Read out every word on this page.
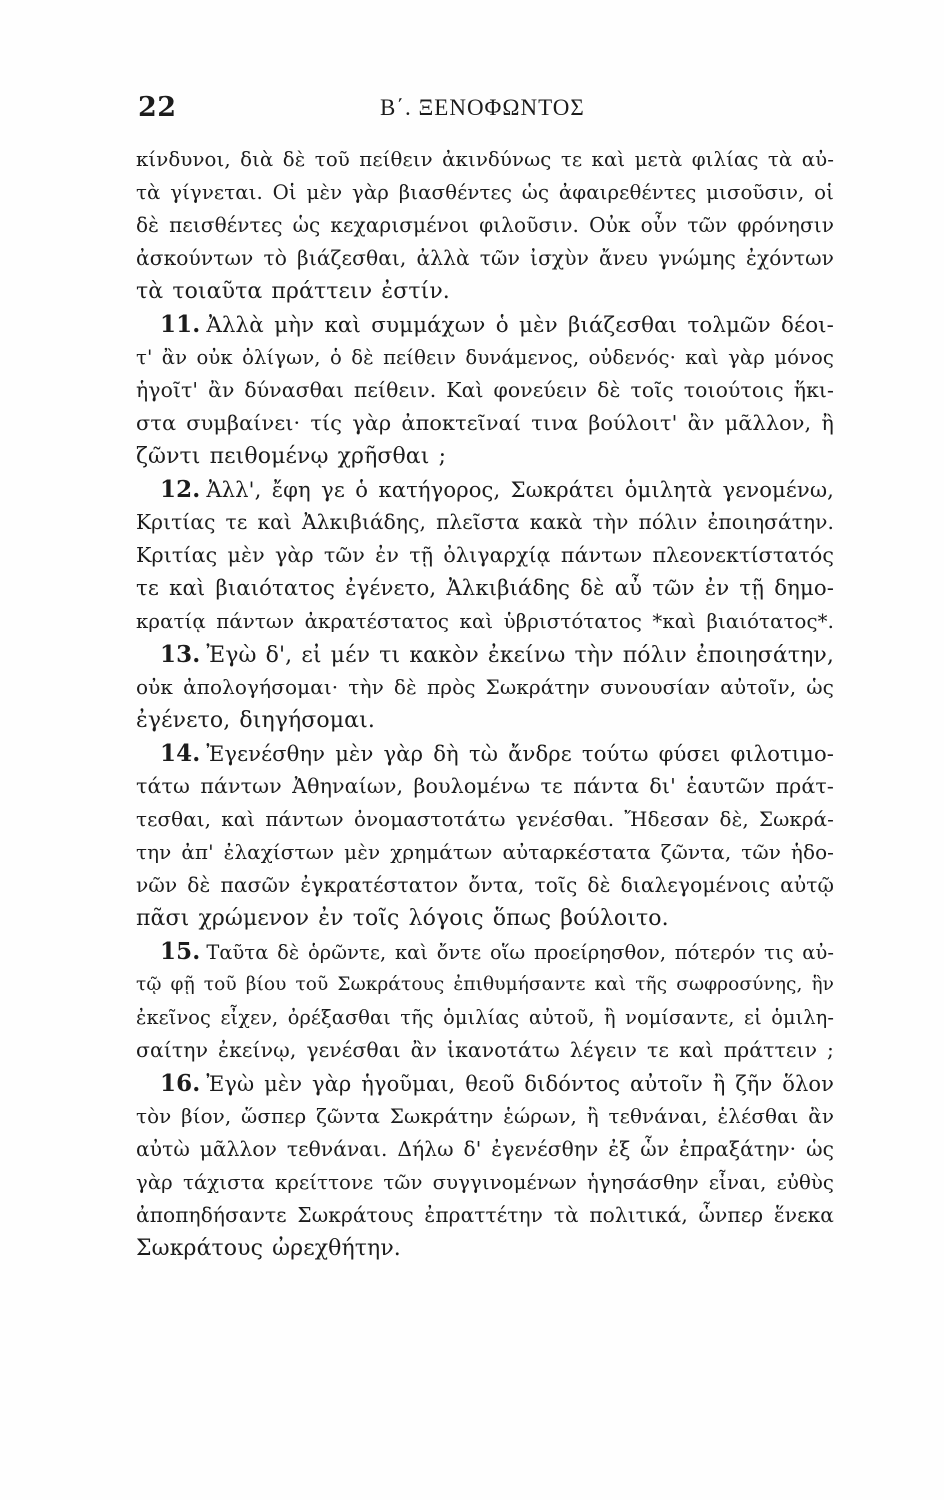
22	Β΄. ΞΕΝΟΦΩΝΤΟΣ
κίνδυνοι, διὰ δὲ τοῦ πείθειν ἀκινδύνως τε καὶ μετὰ φιλίας τὰ αὐ-
τὰ γίγνεται. Οἱ μὲν γὰρ βιασθέντες ὡς ἀφαιρεθέντες μισοῦσιν, οἱ
δὲ πεισθέντες ὡς κεχαρισμένοι φιλοῦσιν. Οὐκ οὖν τῶν φρόνησιν
ἀσκούντων τὸ βιάζεσθαι, ἀλλὰ τῶν ἰσχὺν ἄνευ γνώμης ἐχόντων
τὰ τοιαῦτα πράττειν ἐστίν.
11. Ἀλλὰ μὴν καὶ συμμάχων ὁ μὲν βιάζεσθαι τολμῶν δέοι-
τ' ἂν οὐκ ὀλίγων, ὁ δὲ πείθειν δυνάμενος, οὐδενός· καὶ γὰρ μόνος
ἡγοῖτ' ἂν δύνασθαι πείθειν. Καὶ φονεύειν δὲ τοῖς τοιούτοις ἥκι-
στα συμβαίνει· τίς γὰρ ἀποκτεῖναί τινα βούλοιτ' ἂν μᾶλλον, ἢ
ζῶντι πειθομένῳ χρῆσθαι ;
12. Ἀλλ', ἔφη γε ὁ κατήγορος, Σωκράτει ὁμιλητὰ γενομένω,
Κριτίας τε καὶ Ἀλκιβιάδης, πλεῖστα κακὰ τὴν πόλιν ἐποιησάτην.
Κριτίας μὲν γὰρ τῶν ἐν τῇ ὀλιγαρχίᾳ πάντων πλεονεκτίστατός
τε καὶ βιαιότατος ἐγένετο, Ἀλκιβιάδης δὲ αὖ τῶν ἐν τῇ δημο-
κρατίᾳ πάντων ἀκρατέστατος καὶ ὑβριστότατος *καὶ βιαιότατος*.
13. Ἐγὼ δ', εἰ μέν τι κακὸν ἐκείνω τὴν πόλιν ἐποιησάτην,
οὐκ ἀπολογήσομαι· τὴν δὲ πρὸς Σωκράτην συνουσίαν αὐτοῖν, ὡς
ἐγένετο, διηγήσομαι.
14. Ἐγενέσθην μὲν γὰρ δὴ τὼ ἄνδρε τούτω φύσει φιλοτιμο-
τάτω πάντων Ἀθηναίων, βουλομένω τε πάντα δι' ἑαυτῶν πράτ-
τεσθαι, καὶ πάντων ὀνομαστοτάτω γενέσθαι. Ἤδεσαν δὲ, Σωκρά-
την ἀπ' ἐλαχίστων μὲν χρημάτων αὐταρκέστατα ζῶντα, τῶν ἡδο-
νῶν δὲ πασῶν ἐγκρατέστατον ὄντα, τοῖς δὲ διαλεγομένοις αὐτῷ
πᾶσι χρώμενον ἐν τοῖς λόγοις ὅπως βούλοιτο.
15. Ταῦτα δὲ ὁρῶντε, καὶ ὄντε οἵω προείρησθον, πότερόν τις αὐ-
τῷ φῇ τοῦ βίου τοῦ Σωκράτους ἐπιθυμήσαντε καὶ τῆς σωφροσύνης, ἣν
ἐκεῖνος εἶχεν, ὀρέξασθαι τῆς ὁμιλίας αὐτοῦ, ἢ νομίσαντε, εἰ ὁμιλη-
σαίτην ἐκείνῳ, γενέσθαι ἂν ἱκανοτάτω λέγειν τε καὶ πράττειν ;
16. Ἐγὼ μὲν γὰρ ἡγοῦμαι, θεοῦ διδόντος αὐτοῖν ἢ ζῆν ὅλον
τὸν βίον, ὥσπερ ζῶντα Σωκράτην ἑώρων, ἢ τεθνάναι, ἑλέσθαι ἂν
αὐτὼ μᾶλλον τεθνάναι. Δήλω δ' ἐγενέσθην ἐξ ὧν ἐπραξάτην· ὡς
γὰρ τάχιστα κρείττονε τῶν συγγινομένων ἡγησάσθην εἶναι, εὐθὺς
ἀποπηδήσαντε Σωκράτους ἐπραττέτην τὰ πολιτικά, ὧνπερ ἕνεκα
Σωκράτους ὠρεχθήτην.
